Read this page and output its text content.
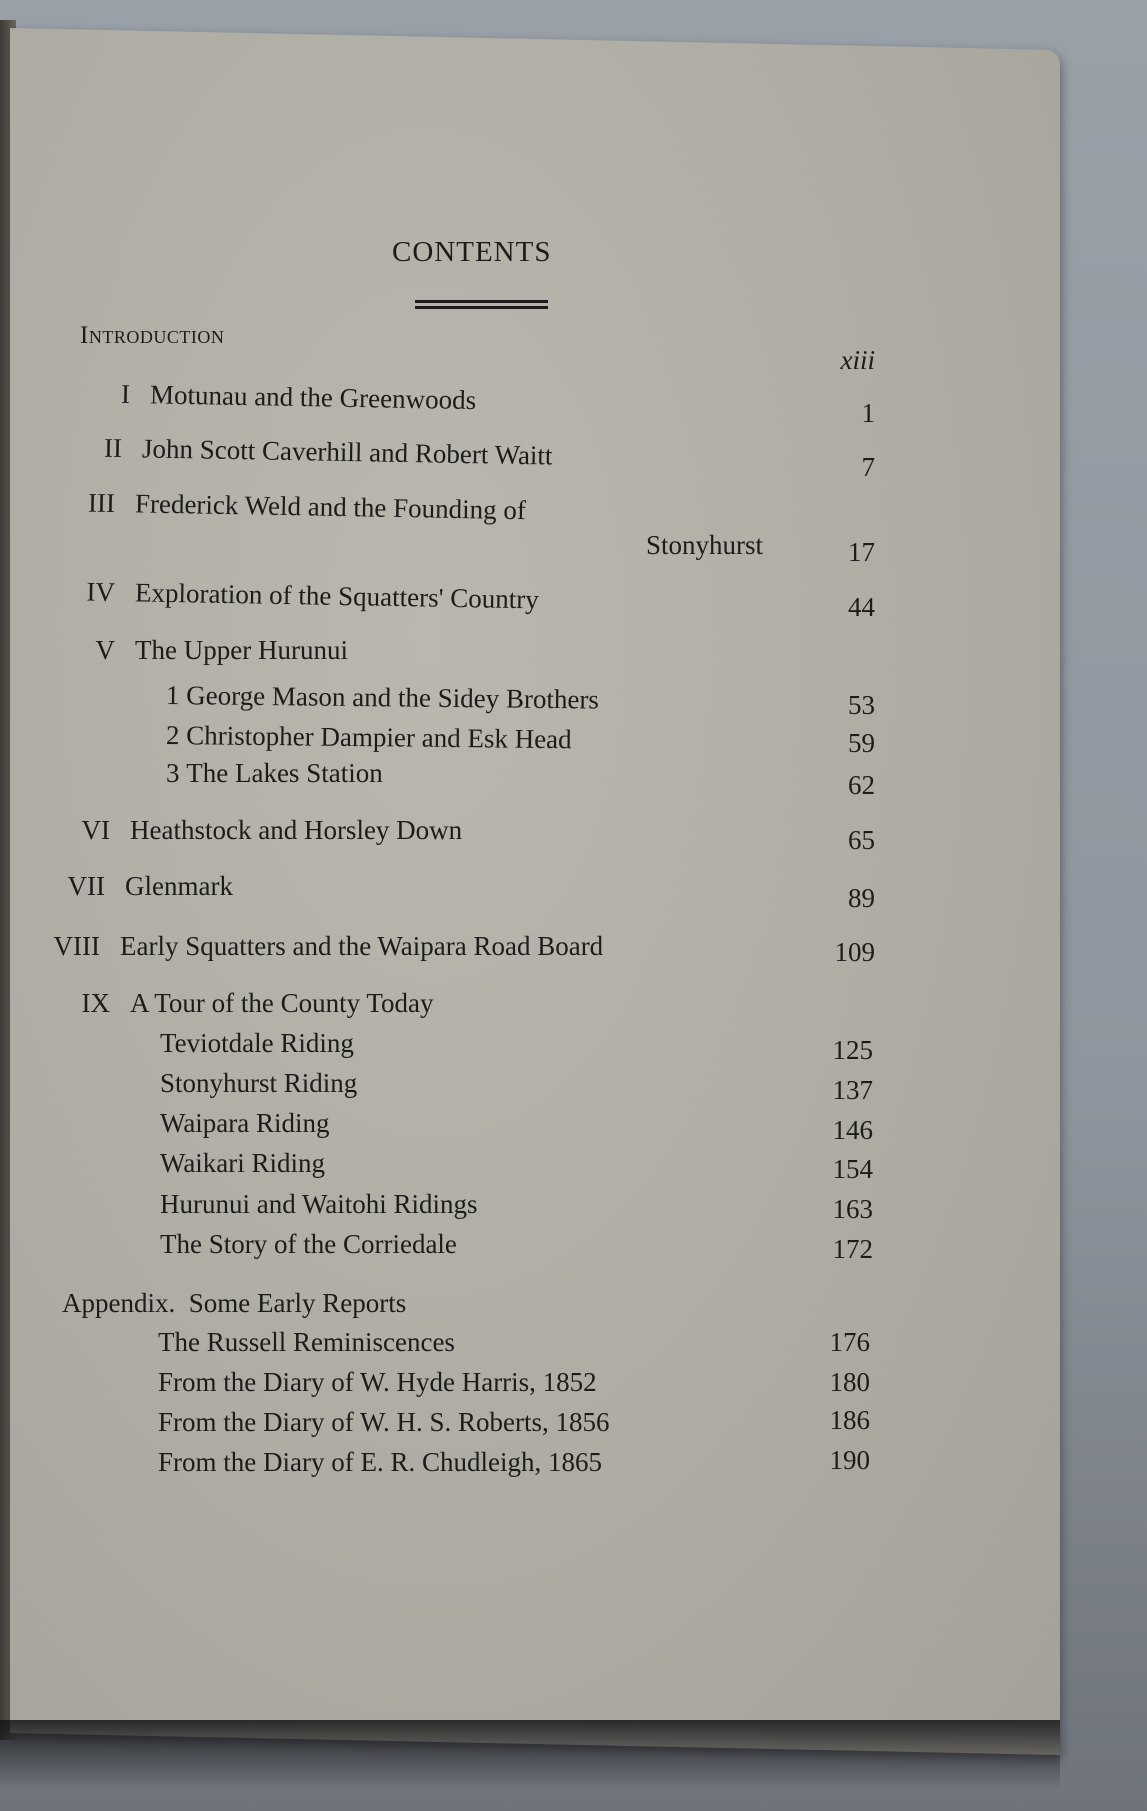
CONTENTS
Introduction
xiii
I Motunau and the Greenwoods	1
II John Scott Caverhill and Robert Waitt	7
III Frederick Weld and the Founding of
Stonyhurst	17
IV Exploration of the Squatters' Country	44
V The Upper Hurunui
1 George Mason and the Sidey Brothers	53
2 Christopher Dampier and Esk Head	59
3 The Lakes Station	62
VI Heathstock and Horsley Down	65
VII Glenmark	89
VIII Early Squatters and the Waipara Road Board	109
IX A Tour of the County Today
Teviotdale Riding	125
Stonyhurst Riding	137
Waipara Riding	146
Waikari Riding	154
Hurunui and Waitohi Ridings	163
The Story of the Corriedale	172
Appendix. Some Early Reports
The Russell Reminiscences	176
From the Diary of W. Hyde Harris, 1852	180
From the Diary of W. H. S. Roberts, 1856	186
From the Diary of E. R. Chudleigh, 1865	190
